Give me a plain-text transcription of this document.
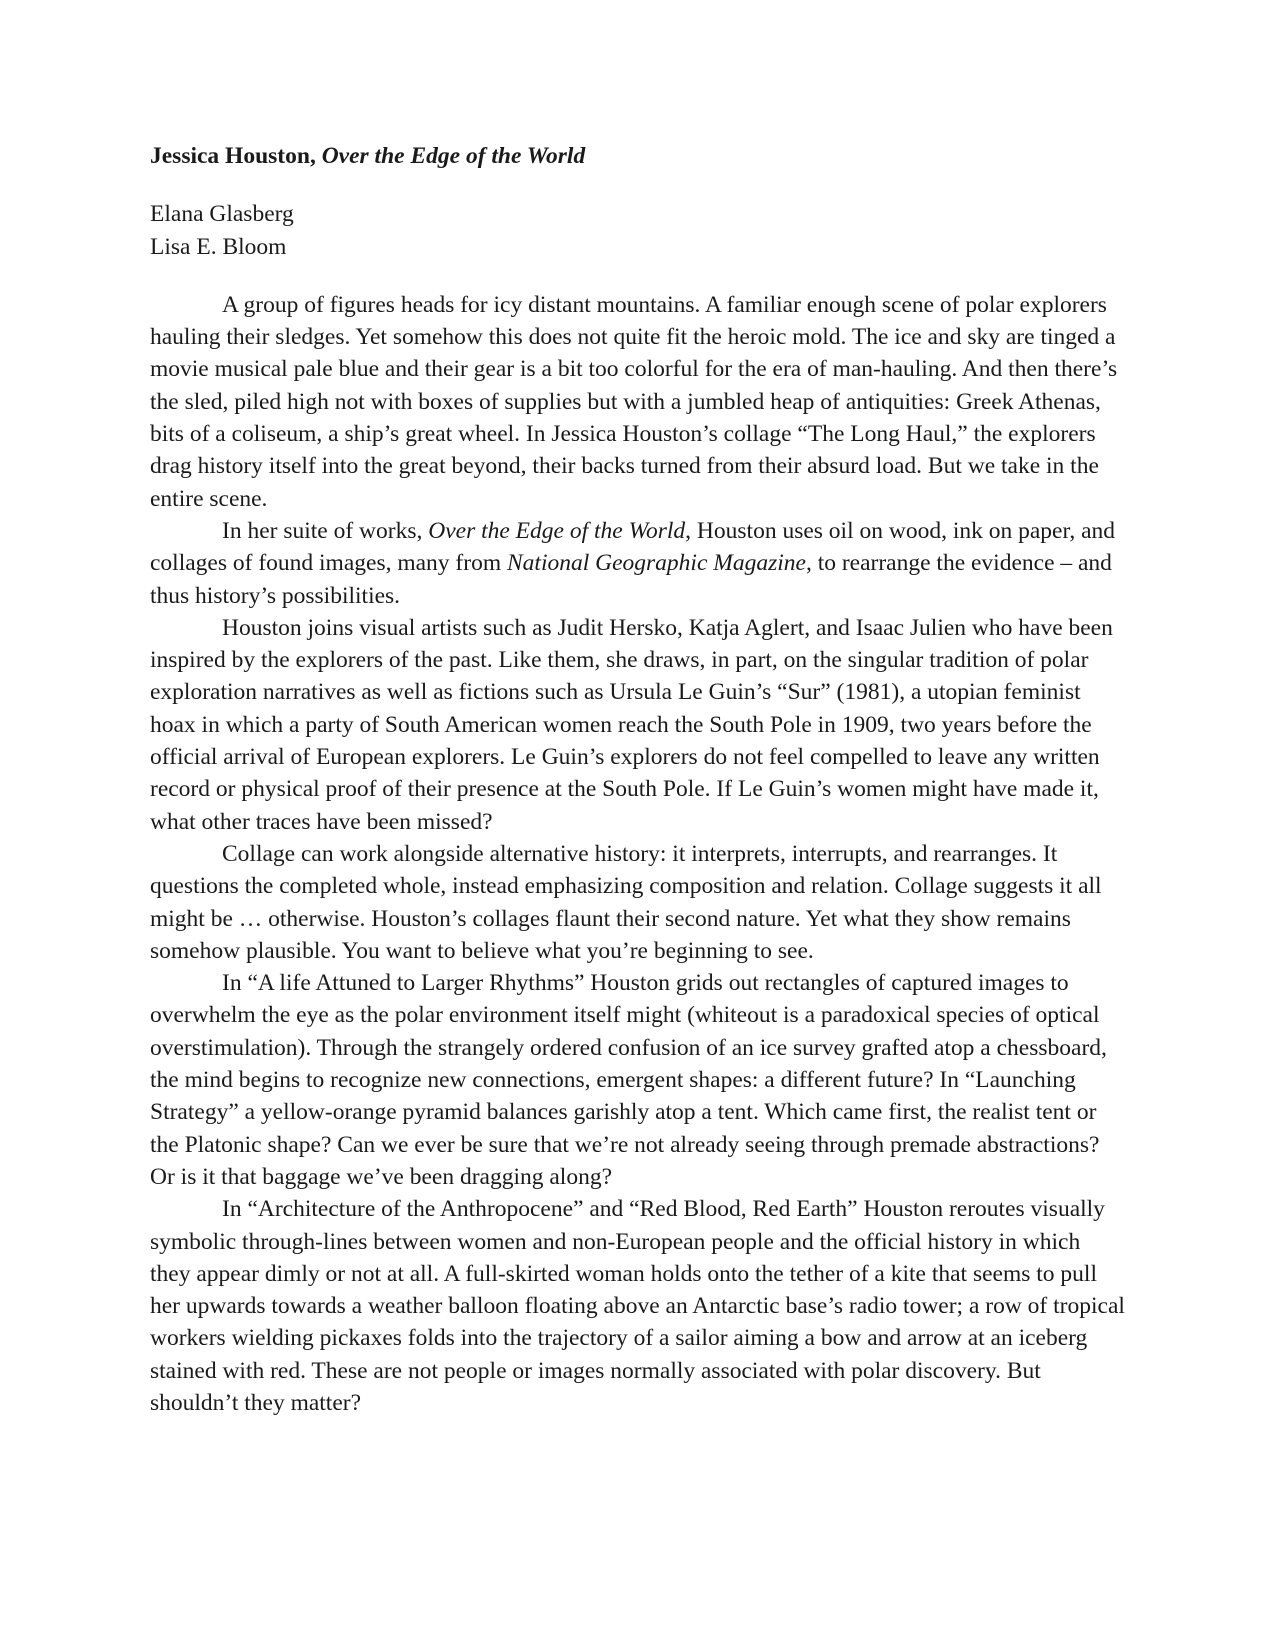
Jessica Houston, Over the Edge of the World

Elana Glasberg
Lisa E. Bloom

A group of figures heads for icy distant mountains. A familiar enough scene of polar explorers hauling their sledges. Yet somehow this does not quite fit the heroic mold. The ice and sky are tinged a movie musical pale blue and their gear is a bit too colorful for the era of man-hauling. And then there’s the sled, piled high not with boxes of supplies but with a jumbled heap of antiquities: Greek Athenas, bits of a coliseum, a ship’s great wheel. In Jessica Houston’s collage “The Long Haul,” the explorers drag history itself into the great beyond, their backs turned from their absurd load. But we take in the entire scene.

In her suite of works, Over the Edge of the World, Houston uses oil on wood, ink on paper, and collages of found images, many from National Geographic Magazine, to rearrange the evidence – and thus history’s possibilities.

Houston joins visual artists such as Judit Hersko, Katja Aglert, and Isaac Julien who have been inspired by the explorers of the past. Like them, she draws, in part, on the singular tradition of polar exploration narratives as well as fictions such as Ursula Le Guin’s “Sur” (1981), a utopian feminist hoax in which a party of South American women reach the South Pole in 1909, two years before the official arrival of European explorers. Le Guin’s explorers do not feel compelled to leave any written record or physical proof of their presence at the South Pole. If Le Guin’s women might have made it, what other traces have been missed?

Collage can work alongside alternative history: it interprets, interrupts, and rearranges. It questions the completed whole, instead emphasizing composition and relation. Collage suggests it all might be … otherwise. Houston’s collages flaunt their second nature. Yet what they show remains somehow plausible. You want to believe what you’re beginning to see.

In “A life Attuned to Larger Rhythms” Houston grids out rectangles of captured images to overwhelm the eye as the polar environment itself might (whiteout is a paradoxical species of optical overstimulation). Through the strangely ordered confusion of an ice survey grafted atop a chessboard, the mind begins to recognize new connections, emergent shapes: a different future? In “Launching Strategy” a yellow-orange pyramid balances garishly atop a tent. Which came first, the realist tent or the Platonic shape? Can we ever be sure that we’re not already seeing through premade abstractions? Or is it that baggage we’ve been dragging along?

In “Architecture of the Anthropocene” and “Red Blood, Red Earth” Houston reroutes visually symbolic through-lines between women and non-European people and the official history in which they appear dimly or not at all. A full-skirted woman holds onto the tether of a kite that seems to pull her upwards towards a weather balloon floating above an Antarctic base’s radio tower; a row of tropical workers wielding pickaxes folds into the trajectory of a sailor aiming a bow and arrow at an iceberg stained with red. These are not people or images normally associated with polar discovery. But shouldn’t they matter?
